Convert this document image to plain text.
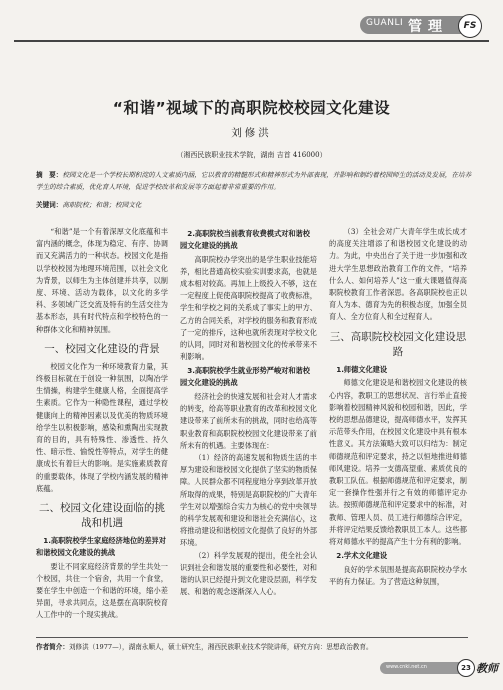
GUANLI 管理	FS
“和谐”视域下的高职院校校园文化建设
刘修洪
（湘西民族职业技术学院，湖南 吉首 416000）
摘　要：校园文化是一个学校长期积淀的人文素质内涵，它以教育的精髓形式和精神形式为外部表现，并影响和制约着校园师生的活动及发展，在培养学生的综合素质，优化育人环境，促进学校改革和发展等方面起着非常重要的作用。
关键词：高职院校；和谐；校园文化

“和谐”是一个有着深厚文化底蕴和丰富内涵的概念，体现为稳定、有序、协调而又充满活力的一种状态。校园文化是指以学校校园为地理环境范围，以社会文化为背景，以师生为主体创建并共享，以制度、环境、活动为载体，以文化的多学科、多领域广泛交流及特有的生活交往为基本形态，具有时代特点和学校特色的一种群体文化和精神氛围。

一、校园文化建设的背景

校园文化作为一种环境教育力量，其终极目标就在于创设一种氛围，以陶冶学生情操，构建学生健康人格，全面提高学生素质。它作为一种隐性课程，通过学校健康向上的精神因素以及优美的物质环境给学生以积极影响，感染和熏陶出实现教育的目的，具有特殊性、渗透性、持久性、暗示性、愉悦性等特点，对学生的健康成长有着巨大的影响。是实施素质教育的重要载体，体现了学校内涵发展的精神底蕴。

二、校园文化建设面临的挑战和机遇
1.高职院校学生家庭经济地位的差异对和谐校园文化建设的挑战

要让不同家庭经济背景的学生共处一个校园，共住一个宿舍，共用一个食堂，要在学生中创造一个和谐的环境，缩小差异面，寻求共同点，这是摆在高职院校育人工作中的一个现实挑战。

2.高职院校当前教育收费模式对和谐校园文化建设的挑战

高职院校办学突出的是学生职业技能培养，相比普通高校实验实训要求高，也就是成本相对较高。再加上上级投入不够，这在一定程度上促使高职院校提高了收费标准，学生和学校之间的关系成了事实上的甲方、乙方的合同关系，对学校的服务和教育形成了一定的排斥，这种也就所表现对学校文化的认同，同时对和谐校园文化的传承带来不利影响。

3.高职院校学生就业形势严峻对和谐校园文化建设的挑战

经济社会的快速发展和社会对人才需求的转变，给高等职业教育的改革和校园文化建设带来了前所未有的挑战，同时也给高等职业教育和高职院校校园文化建设带来了前所未有的机遇。主要体现在：

（1）经济的高速发展和物质生活的丰厚为建设和谐校园文化提供了坚实的物质保障。人民群众都不同程度地分享到改革开放所取得的成果，特别是高职院校的广大青年学生对以增强综合实力为核心的党中央领导的科学发展观和建设和谐社会充满信心，这将推动建设和谐校园文化提供了良好的外部环境。

（2）科学发展观的提出，使全社会认识到社会和谐发展的重要性和必要性，对和谐的认识已经提升到文化建设层面，科学发展、和谐的观念逐渐深入人心。

（3）全社会对广大青年学生成长成才的高度关注增添了和谐校园文化建设的动力。为此，中央出台了关于进一步加强和改进大学生思想政治教育工作的文件，“培养什么人、如何培养人”这一重大课题值得高职院校教育工作者深思。各高职院校也正以育人为本、德育为先的积极态度，加强全员育人、全方位育人和全过程育人。

三、高职院校校园文化建设思路
1.师德文化建设

师德文化建设是和谐校园文化建设的核心内容，教职工的思想状况、言行举止直接影响着校园精神风貌和校园和谐，因此，学校的思想品德建设，提高师德水平，发挥其示范带头作用，在校园文化建设中具有根本性意义。其方法策略大致可以归结为：制定师德规范和评定要求，持之以恒地推进师德师风建设。培养一支德高望重、素质优良的教职工队伍。根据师德规范和评定要求，制定一套操作性强并行之有效的师德评定办法。按照师德规范和评定要求中的标准，对教师、管理人员、员工进行师德综合评定，并将评定结果反馈给教职员工本人。这些都将对师德水平的提高产生十分有利的影响。

2.学术文化建设

良好的学术氛围是提高高职院校办学水平的有力保证。为了营造这种氛围，

作者简介：刘修洪（1977—），湖南永顺人，硕士研究生，湘西民族职业技术学院讲师，研究方向：思想政治教育。
www.cnki.net.cn	23 教师
